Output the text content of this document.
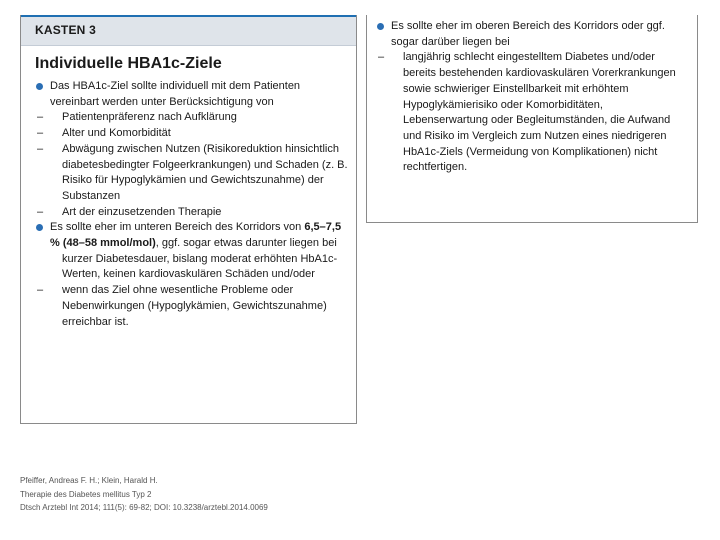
KASTEN 3
Individuelle HBA1c-Ziele
Das HBA1c-Ziel sollte individuell mit dem Patienten vereinbart werden unter Berücksichtigung von
– Patientenpräferenz nach Aufklärung
– Alter und Komorbidität
– Abwägung zwischen Nutzen (Risikoreduktion hinsichtlich diabetesbedingter Folgeerkrankungen) und Schaden (z. B. Risiko für Hypoglykämien und Gewichtszunahme) der Substanzen
– Art der einzusetzenden Therapie
Es sollte eher im unteren Bereich des Korridors von 6,5–7,5 % (48–58 mmol/mol), ggf. sogar etwas darunter liegen bei
kurzer Diabetesdauer, bislang moderat erhöhten HbA1c-Werten, keinen kardiovaskulären Schäden und/oder
– wenn das Ziel ohne wesentliche Probleme oder Nebenwirkungen (Hypoglykämien, Gewichtszunahme) erreichbar ist.
Es sollte eher im oberen Bereich des Korridors oder ggf. sogar darüber liegen bei
– langjährig schlecht eingestelltem Diabetes und/oder bereits bestehenden kardiovaskulären Vorerkrankungen sowie schwieriger Einstellbarkeit mit erhöhtem Hypoglykämierisiko oder Komorbiditäten, Lebenserwartung oder Begleitumständen, die Aufwand und Risiko im Vergleich zum Nutzen eines niedrigeren HbA1c-Ziels (Vermeidung von Komplikationen) nicht rechtfertigen.
Pfeiffer, Andreas F. H.; Klein, Harald H.
Therapie des Diabetes mellitus Typ 2
Dtsch Arztebl Int 2014; 111(5): 69-82; DOI: 10.3238/arztebl.2014.0069
